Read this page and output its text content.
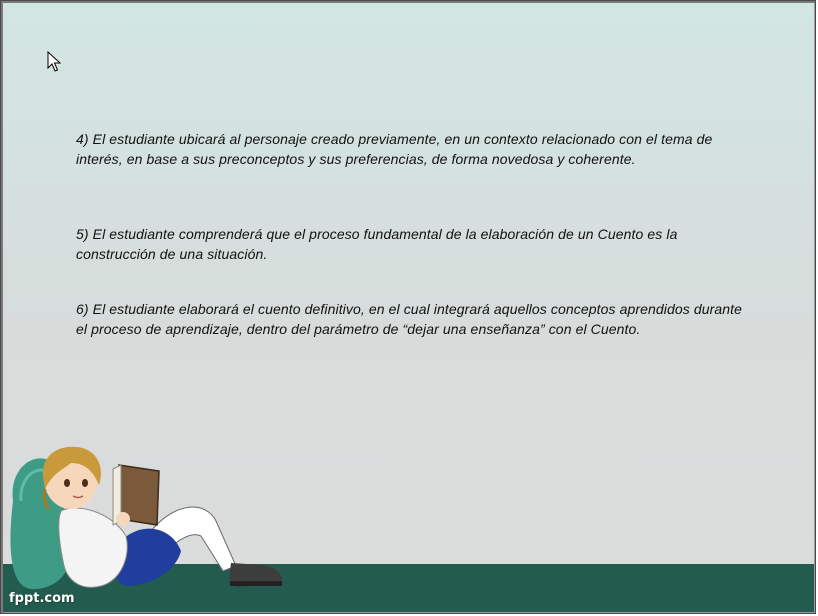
4) El estudiante ubicará al personaje creado previamente, en un contexto relacionado con el tema de interés, en base a sus preconceptos y sus preferencias, de forma novedosa y coherente.
5) El estudiante comprenderá que el proceso fundamental de la elaboración de un Cuento es la construcción de una situación.
6) El estudiante elaborará el cuento definitivo, en el cual integrará aquellos conceptos aprendidos durante el proceso de aprendizaje, dentro del parámetro de “dejar una enseñanza” con el Cuento.
fppt.com
